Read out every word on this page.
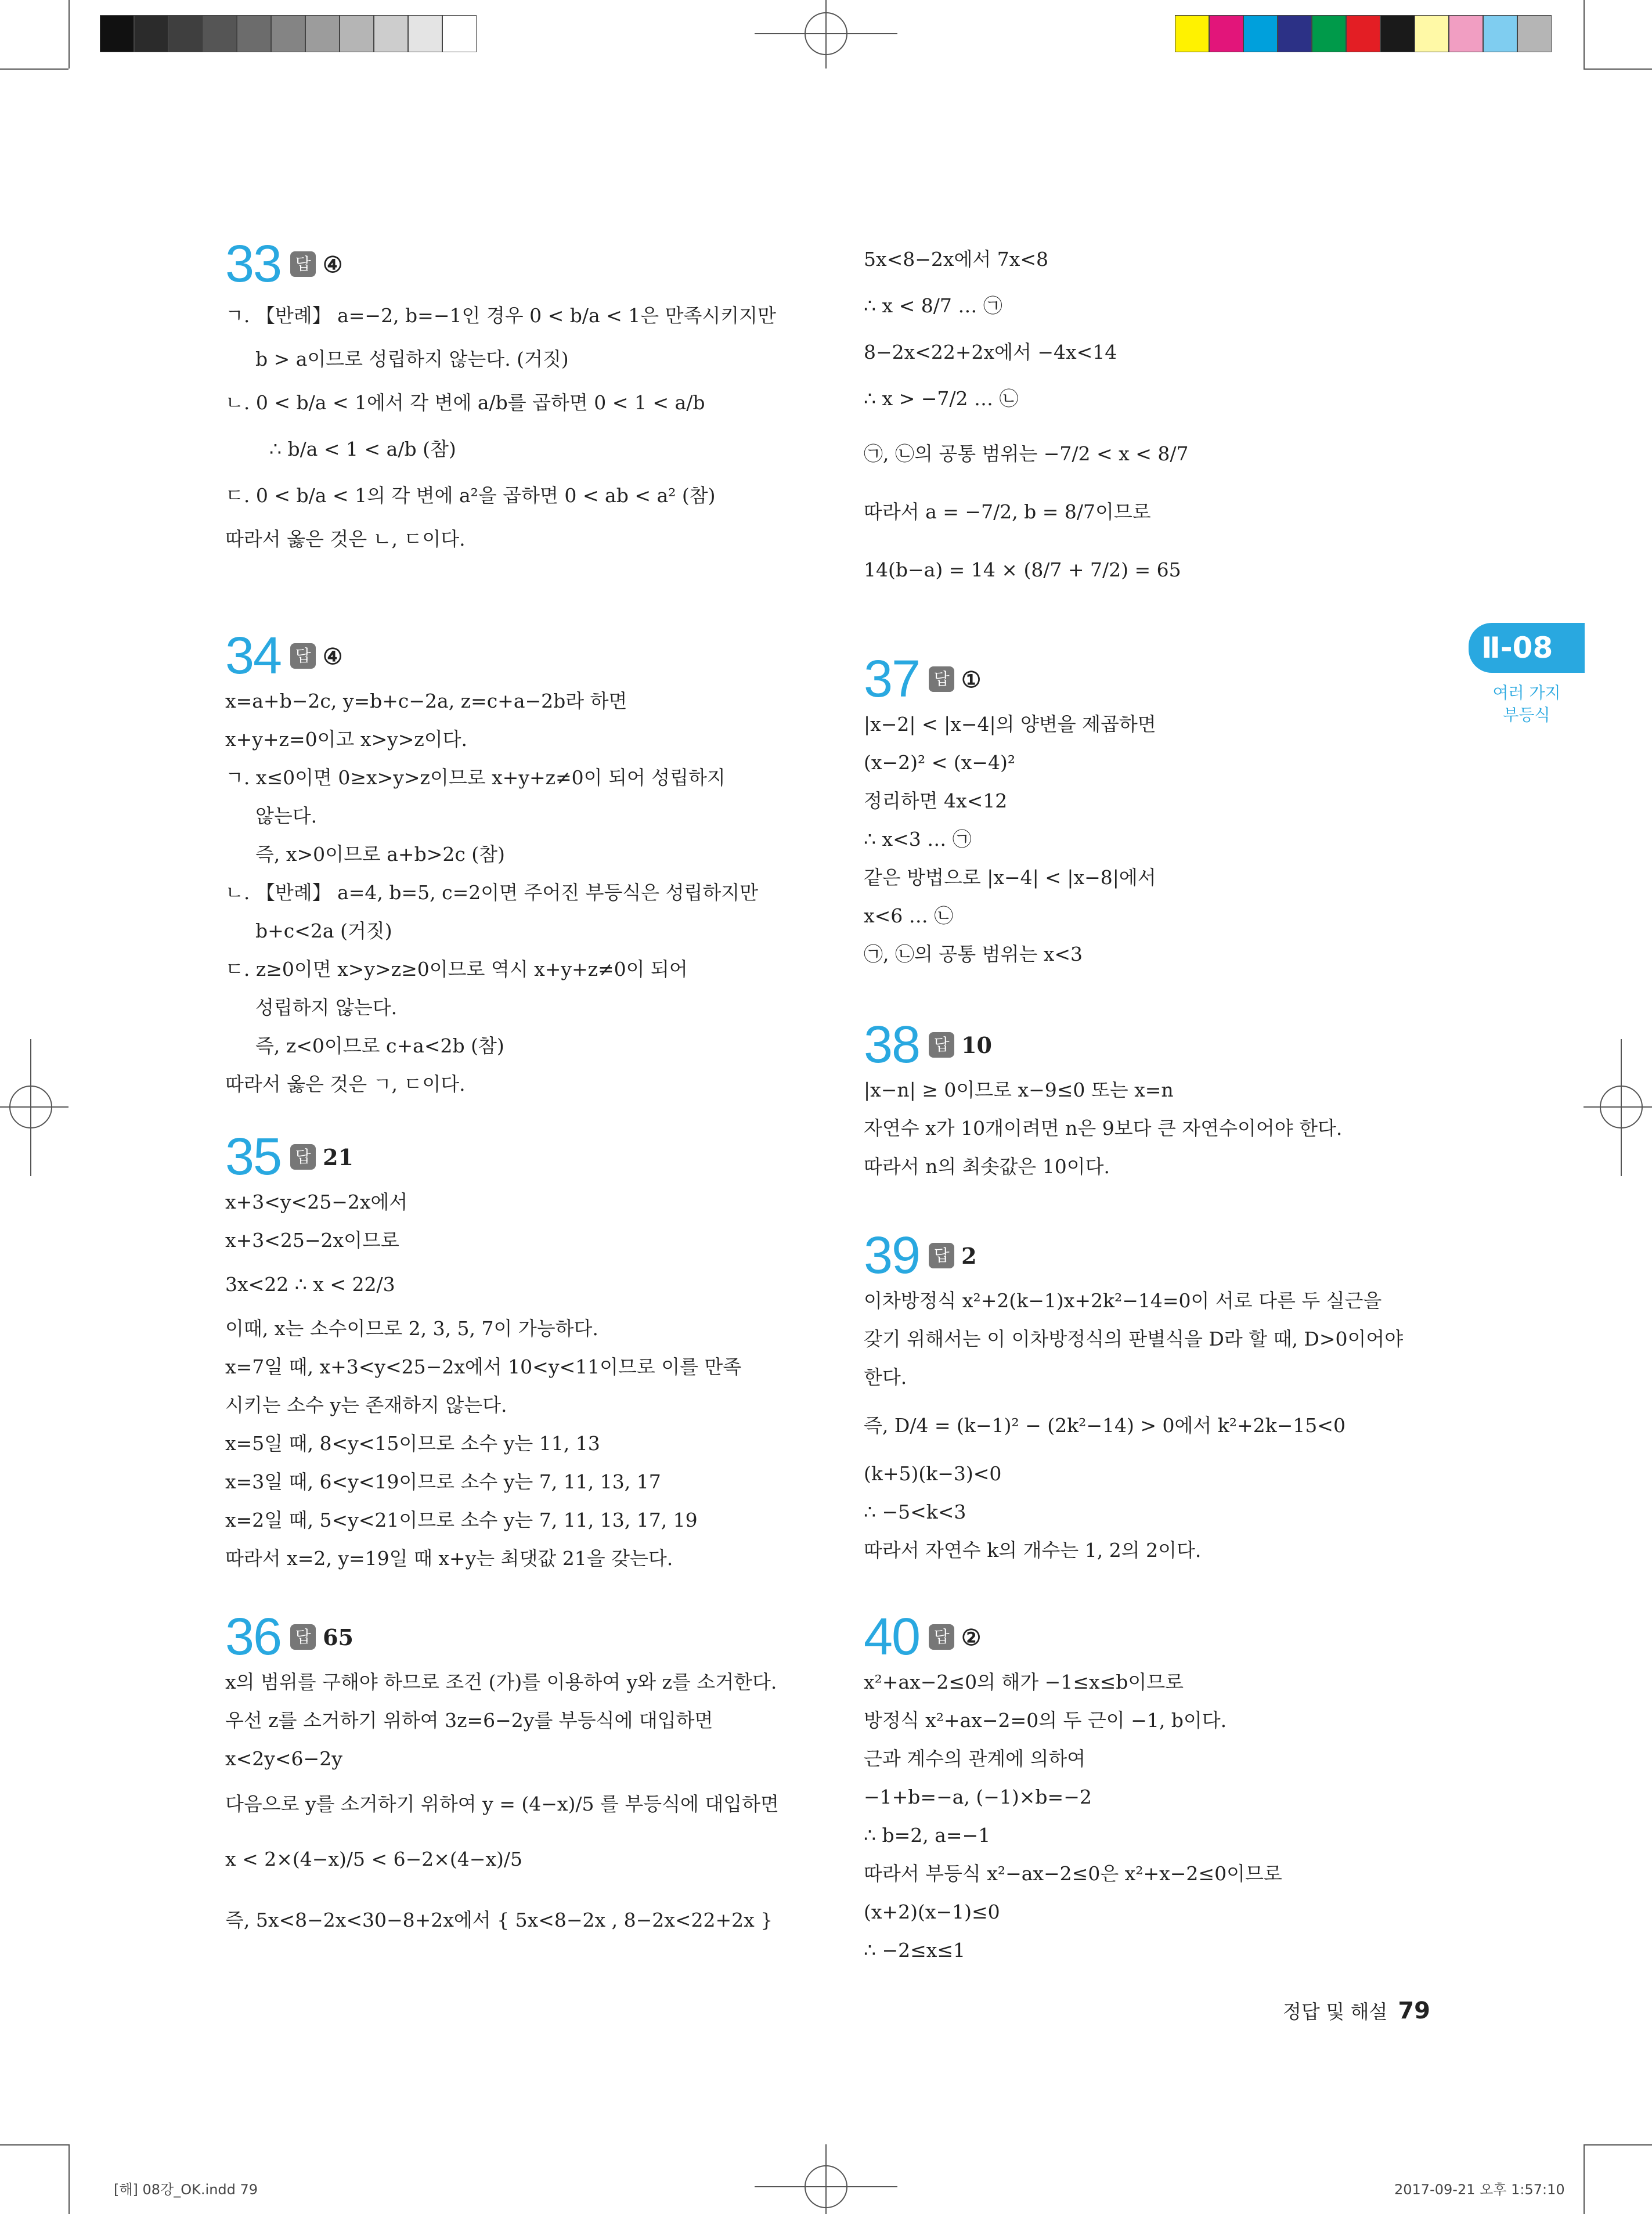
33 답 ④
ㄱ. 【반례】 a=−2, b=−1인 경우 0 < b/a < 1은 만족시키지만
b > a이므로 성립하지 않는다. (거짓)
ㄴ. 0 < b/a < 1에서 각 변에 a/b를 곱하면 0 < 1 < a/b
∴ b/a < 1 < a/b (참)
ㄷ. 0 < b/a < 1의 각 변에 a²을 곱하면 0 < ab < a² (참)
따라서 옳은 것은 ㄴ, ㄷ이다.
34 답 ④
x=a+b−2c, y=b+c−2a, z=c+a−2b라 하면
x+y+z=0이고 x>y>z이다.
ㄱ. x≤0이면 0≥x>y>z이므로 x+y+z≠0이 되어 성립하지
않는다.
즉, x>0이므로 a+b>2c (참)
ㄴ. 【반례】 a=4, b=5, c=2이면 주어진 부등식은 성립하지만
b+c<2a (거짓)
ㄷ. z≥0이면 x>y>z≥0이므로 역시 x+y+z≠0이 되어
성립하지 않는다.
즉, z<0이므로 c+a<2b (참)
따라서 옳은 것은 ㄱ, ㄷ이다.
35 답 21
x+3<y<25−2x에서
x+3<25−2x이므로
3x<22 ∴ x < 22/3
이때, x는 소수이므로 2, 3, 5, 7이 가능하다.
x=7일 때, x+3<y<25−2x에서 10<y<11이므로 이를 만족
시키는 소수 y는 존재하지 않는다.
x=5일 때, 8<y<15이므로 소수 y는 11, 13
x=3일 때, 6<y<19이므로 소수 y는 7, 11, 13, 17
x=2일 때, 5<y<21이므로 소수 y는 7, 11, 13, 17, 19
따라서 x=2, y=19일 때 x+y는 최댓값 21을 갖는다.
36 답 65
x의 범위를 구해야 하므로 조건 (가)를 이용하여 y와 z를 소거한다.
우선 z를 소거하기 위하여 3z=6−2y를 부등식에 대입하면
x<2y<6−2y
다음으로 y를 소거하기 위하여 y = (4−x)/5 를 부등식에 대입하면
x < 2×(4−x)/5 < 6−2×(4−x)/5
즉, 5x<8−2x<30−8+2x에서 { 5x<8−2x , 8−2x<22+2x }
5x<8−2x에서 7x<8
∴ x < 8/7 … ㉠
8−2x<22+2x에서 −4x<14
∴ x > −7/2 … ㉡
㉠, ㉡의 공통 범위는 −7/2 < x < 8/7
따라서 a = −7/2, b = 8/7이므로
14(b−a) = 14 × (8/7 + 7/2) = 65
37 답 ①
|x−2| < |x−4|의 양변을 제곱하면
(x−2)² < (x−4)²
정리하면 4x<12
∴ x<3 … ㉠
같은 방법으로 |x−4| < |x−8|에서
x<6 … ㉡
㉠, ㉡의 공통 범위는 x<3
38 답 10
|x−n| ≥ 0이므로 x−9≤0 또는 x=n
자연수 x가 10개이려면 n은 9보다 큰 자연수이어야 한다.
따라서 n의 최솟값은 10이다.
39 답 2
이차방정식 x²+2(k−1)x+2k²−14=0이 서로 다른 두 실근을
갖기 위해서는 이 이차방정식의 판별식을 D라 할 때, D>0이어야
한다.
즉, D/4 = (k−1)² − (2k²−14) > 0에서 k²+2k−15<0
(k+5)(k−3)<0
∴ −5<k<3
따라서 자연수 k의 개수는 1, 2의 2이다.
40 답 ②
x²+ax−2≤0의 해가 −1≤x≤b이므로
방정식 x²+ax−2=0의 두 근이 −1, b이다.
근과 계수의 관계에 의하여
−1+b=−a, (−1)×b=−2
∴ b=2, a=−1
따라서 부등식 x²−ax−2≤0은 x²+x−2≤0이므로
(x+2)(x−1)≤0
∴ −2≤x≤1
Ⅱ-08
여러 가지
부등식
정답 및 해설 79
[해] 08강_OK.indd 79	2017-09-21 오후 1:57:10
